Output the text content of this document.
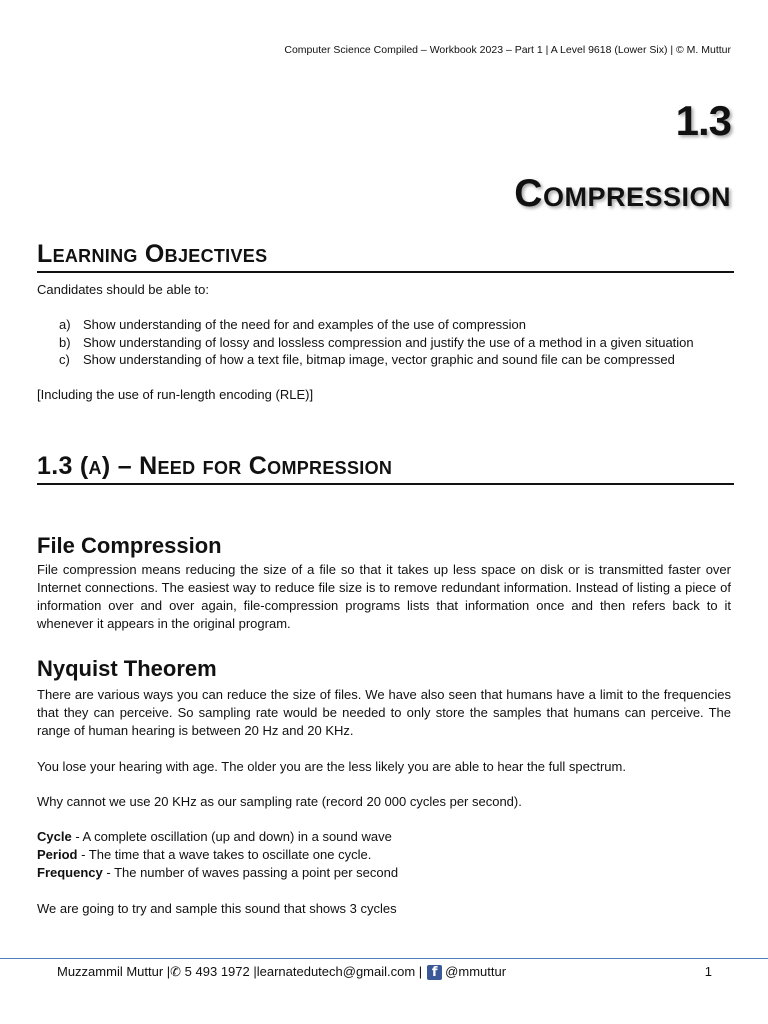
Computer Science Compiled – Workbook 2023 – Part 1 | A Level 9618 (Lower Six) | © M. Muttur
1.3
Compression
Learning Objectives
Candidates should be able to:
a) Show understanding of the need for and examples of the use of compression
b) Show understanding of lossy and lossless compression and justify the use of a method in a given situation
c)	Show understanding of how a text file, bitmap image, vector graphic and sound file can be compressed
[Including the use of run-length encoding (RLE)]
1.3 (a) – Need for Compression
File Compression
File compression means reducing the size of a file so that it takes up less space on disk or is transmitted faster over Internet connections. The easiest way to reduce file size is to remove redundant information. Instead of listing a piece of information over and over again, file-compression programs lists that information once and then refers back to it whenever it appears in the original program.
Nyquist Theorem
There are various ways you can reduce the size of files. We have also seen that humans have a limit to the frequencies that they can perceive. So sampling rate would be needed to only store the samples that humans can perceive. The range of human hearing is between 20 Hz and 20 KHz.
You lose your hearing with age. The older you are the less likely you are able to hear the full spectrum.
Why cannot we use 20 KHz as our sampling rate (record 20 000 cycles per second).
Cycle - A complete oscillation (up and down) in a sound wave
Period - The time that a wave takes to oscillate one cycle.
Frequency - The number of waves passing a point per second
We are going to try and sample this sound that shows 3 cycles
Muzzammil Muttur | ✆ 5 493 1972 | learnatedutech@gmail.com | f @mmuttur	1
